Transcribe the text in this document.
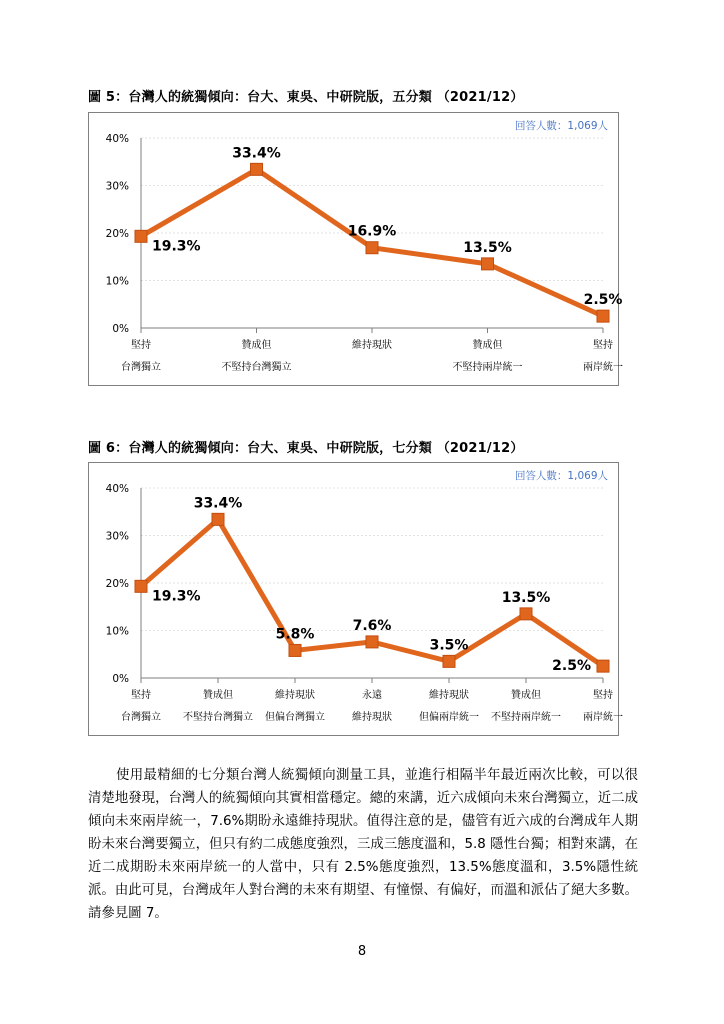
圖 5：台灣人的統獨傾向：台大、東吳、中研院版，五分類 （2021/12）
回答人數：1,069人
0%
10%
20%
30%
40%
堅持
台灣獨立
贊成但
不堅持台灣獨立
維持現狀	贊成但
不堅持兩岸統一
堅持
兩岸統一
19.3%
33.4%
16.9%
13.5%
2.5%
圖 6：台灣人的統獨傾向：台大、東吳、中研院版，七分類 （2021/12）
回答人數：1,069人
0%
10%
20%
30%
40%
堅持
台灣獨立
贊成但
不堅持台灣獨立
維持現狀
但偏台灣獨立
永遠
維持現狀
維持現狀
但偏兩岸統一
贊成但
不堅持兩岸統一
堅持
兩岸統一
19.3%
33.4%
5.8%
7.6%
3.5%
13.5%
2.5%

使用最精細的七分類台灣人統獨傾向測量工具，並進行相隔半年最近兩次比較，可以很清楚地發現，台灣人的統獨傾向其實相當穩定。總的來講，近六成傾向未來台灣獨立，近二成傾向未來兩岸統一，7.6%期盼永遠維持現狀。值得注意的是，儘管有近六成的台灣成年人期盼未來台灣要獨立，但只有約二成態度強烈，三成三態度溫和，5.8 隱性台獨；相對來講，在近二成期盼未來兩岸統一的人當中，只有 2.5%態度強烈，13.5%態度溫和，3.5%隱性統派。由此可見，台灣成年人對台灣的未來有期望、有憧憬、有偏好，而溫和派佔了絕大多數。請參見圖 7。

8
